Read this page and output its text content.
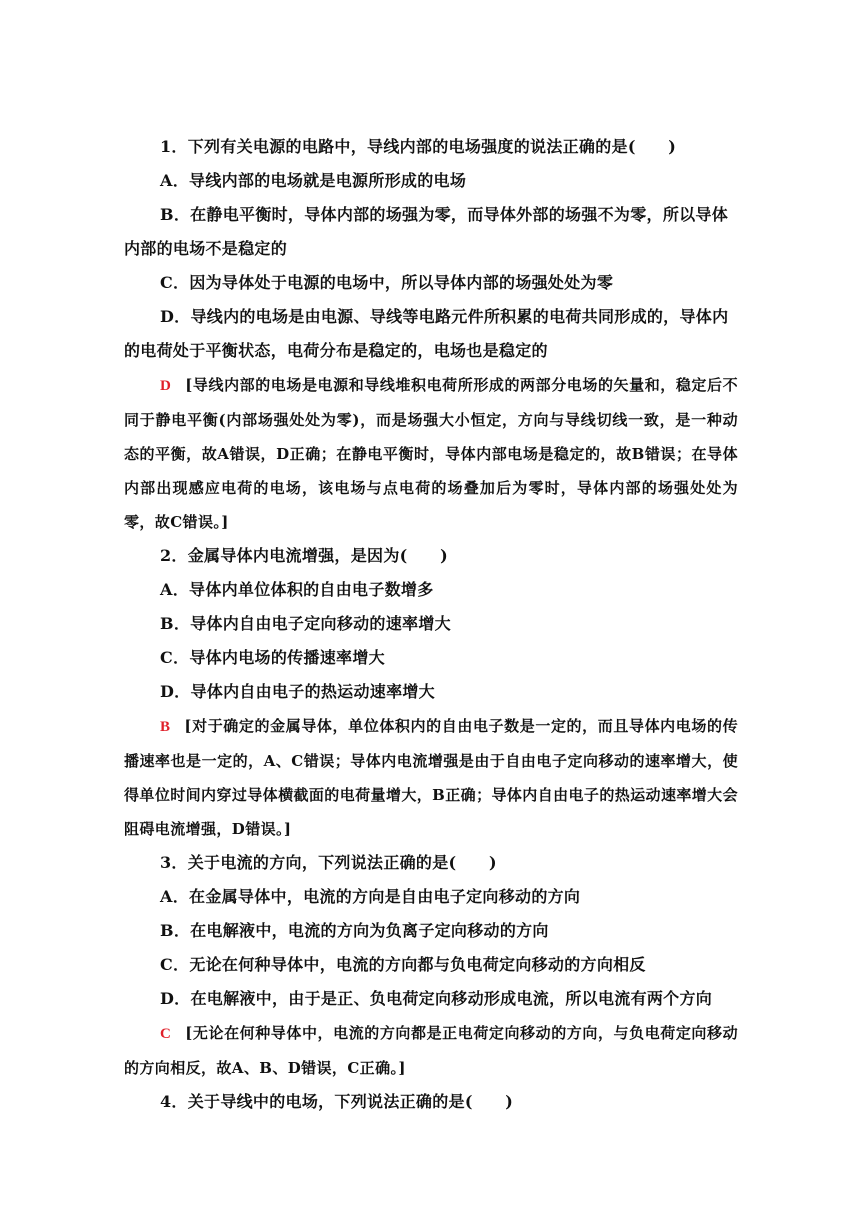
1．下列有关电源的电路中，导线内部的电场强度的说法正确的是(　　)
A．导线内部的电场就是电源所形成的电场
B．在静电平衡时，导体内部的场强为零，而导体外部的场强不为零，所以导体内部的电场不是稳定的
C．因为导体处于电源的电场中，所以导体内部的场强处处为零
D．导线内的电场是由电源、导线等电路元件所积累的电荷共同形成的，导体内的电荷处于平衡状态，电荷分布是稳定的，电场也是稳定的
D [导线内部的电场是电源和导线堆积电荷所形成的两部分电场的矢量和，稳定后不同于静电平衡(内部场强处处为零)，而是场强大小恒定，方向与导线切线一致，是一种动态的平衡，故A错误，D正确；在静电平衡时，导体内部电场是稳定的，故B错误；在导体内部出现感应电荷的电场，该电场与点电荷的场叠加后为零时，导体内部的场强处处为零，故C错误。]
2．金属导体内电流增强，是因为(　　)
A．导体内单位体积的自由电子数增多
B．导体内自由电子定向移动的速率增大
C．导体内电场的传播速率增大
D．导体内自由电子的热运动速率增大
B [对于确定的金属导体，单位体积内的自由电子数是一定的，而且导体内电场的传播速率也是一定的，A、C错误；导体内电流增强是由于自由电子定向移动的速率增大，使得单位时间内穿过导体横截面的电荷量增大，B正确；导体内自由电子的热运动速率增大会阻碍电流增强，D错误。]
3．关于电流的方向，下列说法正确的是(　　)
A．在金属导体中，电流的方向是自由电子定向移动的方向
B．在电解液中，电流的方向为负离子定向移动的方向
C．无论在何种导体中，电流的方向都与负电荷定向移动的方向相反
D．在电解液中，由于是正、负电荷定向移动形成电流，所以电流有两个方向
C [无论在何种导体中，电流的方向都是正电荷定向移动的方向，与负电荷定向移动的方向相反，故A、B、D错误，C正确。]
4．关于导线中的电场，下列说法正确的是(　　)
